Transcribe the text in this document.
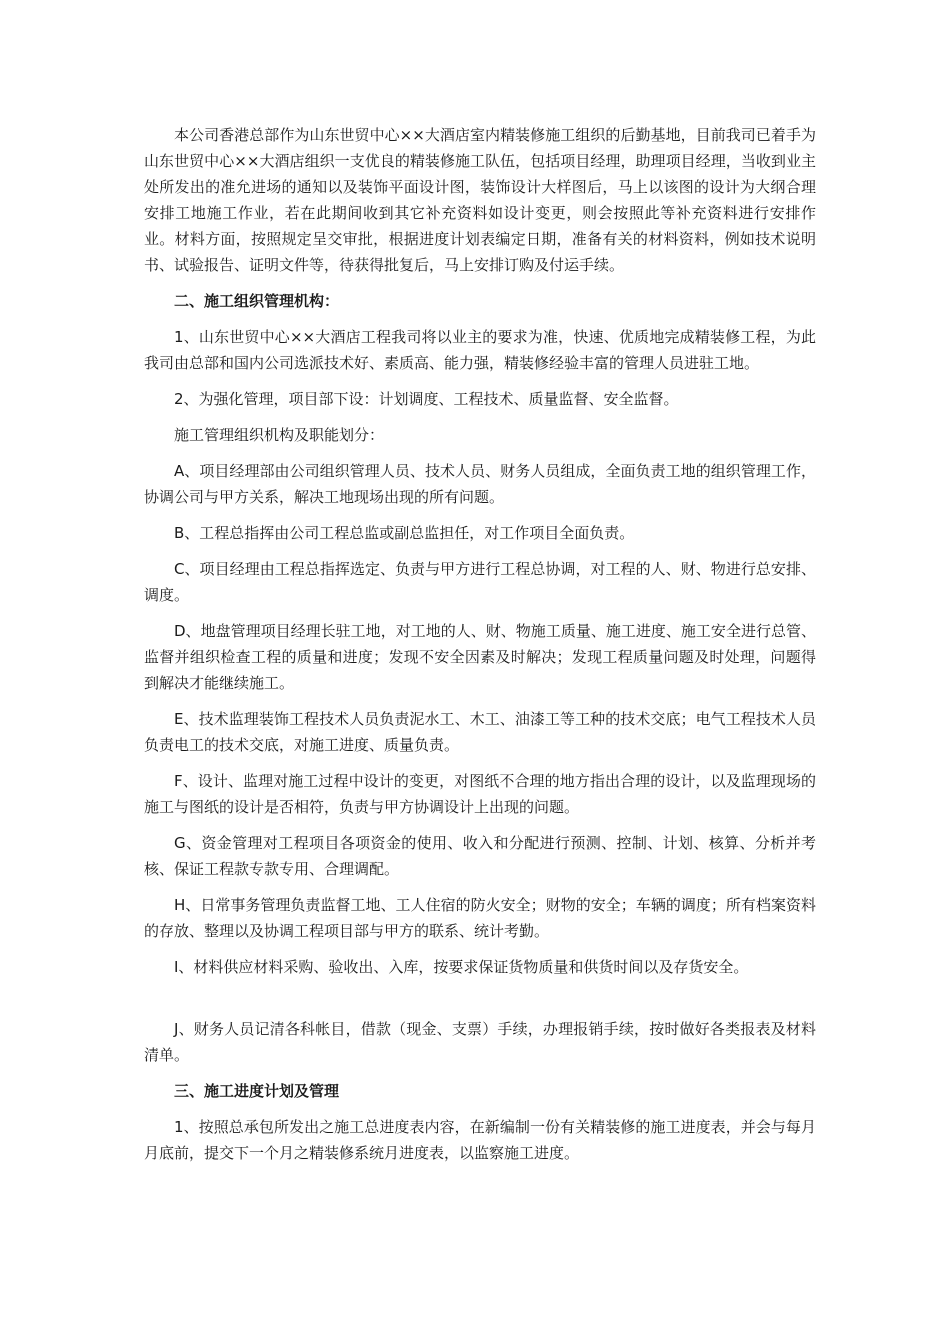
本公司香港总部作为山东世贸中心××大酒店室内精装修施工组织的后勤基地，目前我司已着手为山东世贸中心××大酒店组织一支优良的精装修施工队伍，包括项目经理，助理项目经理，当收到业主处所发出的准允进场的通知以及装饰平面设计图，装饰设计大样图后，马上以该图的设计为大纲合理安排工地施工作业，若在此期间收到其它补充资料如设计变更，则会按照此等补充资料进行安排作业。材料方面，按照规定呈交审批，根据进度计划表编定日期，准备有关的材料资料，例如技术说明书、试验报告、证明文件等，待获得批复后，马上安排订购及付运手续。

二、施工组织管理机构：

1、山东世贸中心××大酒店工程我司将以业主的要求为准，快速、优质地完成精装修工程，为此我司由总部和国内公司选派技术好、素质高、能力强，精装修经验丰富的管理人员进驻工地。

2、为强化管理，项目部下设：计划调度、工程技术、质量监督、安全监督。

施工管理组织机构及职能划分：

A、项目经理部由公司组织管理人员、技术人员、财务人员组成，全面负责工地的组织管理工作，协调公司与甲方关系，解决工地现场出现的所有问题。

B、工程总指挥由公司工程总监或副总监担任，对工作项目全面负责。

C、项目经理由工程总指挥选定、负责与甲方进行工程总协调，对工程的人、财、物进行总安排、调度。

D、地盘管理项目经理长驻工地，对工地的人、财、物施工质量、施工进度、施工安全进行总管、监督并组织检查工程的质量和进度；发现不安全因素及时解决；发现工程质量问题及时处理，问题得到解决才能继续施工。

E、技术监理装饰工程技术人员负责泥水工、木工、油漆工等工种的技术交底；电气工程技术人员负责电工的技术交底，对施工进度、质量负责。

F、设计、监理对施工过程中设计的变更，对图纸不合理的地方指出合理的设计，以及监理现场的施工与图纸的设计是否相符，负责与甲方协调设计上出现的问题。

G、资金管理对工程项目各项资金的使用、收入和分配进行预测、控制、计划、核算、分析并考核、保证工程款专款专用、合理调配。

H、日常事务管理负责监督工地、工人住宿的防火安全；财物的安全；车辆的调度；所有档案资料的存放、整理以及协调工程项目部与甲方的联系、统计考勤。

I、材料供应材料采购、验收出、入库，按要求保证货物质量和供货时间以及存货安全。

J、财务人员记清各科帐目，借款（现金、支票）手续，办理报销手续，按时做好各类报表及材料清单。

三、施工进度计划及管理

1、按照总承包所发出之施工总进度表内容，在新编制一份有关精装修的施工进度表，并会与每月月底前，提交下一个月之精装修系统月进度表，以监察施工进度。
